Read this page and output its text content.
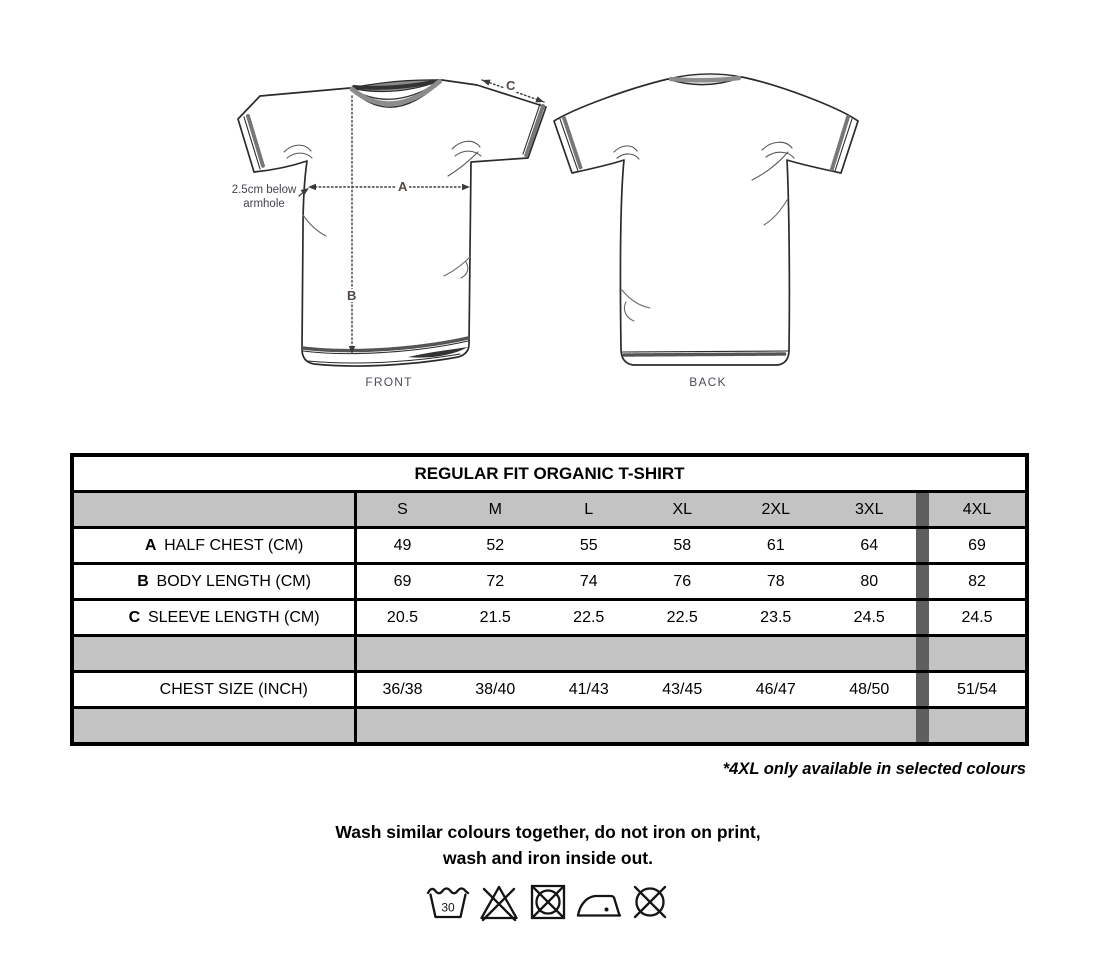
2.5cm below
armhole
A
B
C
FRONT	BACK
REGULAR FIT ORGANIC T-SHIRT								
	S	M	L	XL	2XL	3XL		4XL
A HALF CHEST (CM)	49	52	55	58	61	64		69
B BODY LENGTH (CM)	69	72	74	76	78	80		82
C SLEEVE LENGTH (CM)	20.5	21.5	22.5	22.5	23.5	24.5		24.5

CHEST SIZE (INCH)	36/38	38/40	41/43	43/45	46/47	48/50		51/54

*4XL only available in selected colours
Wash similar colours together, do not iron on print,
wash and iron inside out.
30
